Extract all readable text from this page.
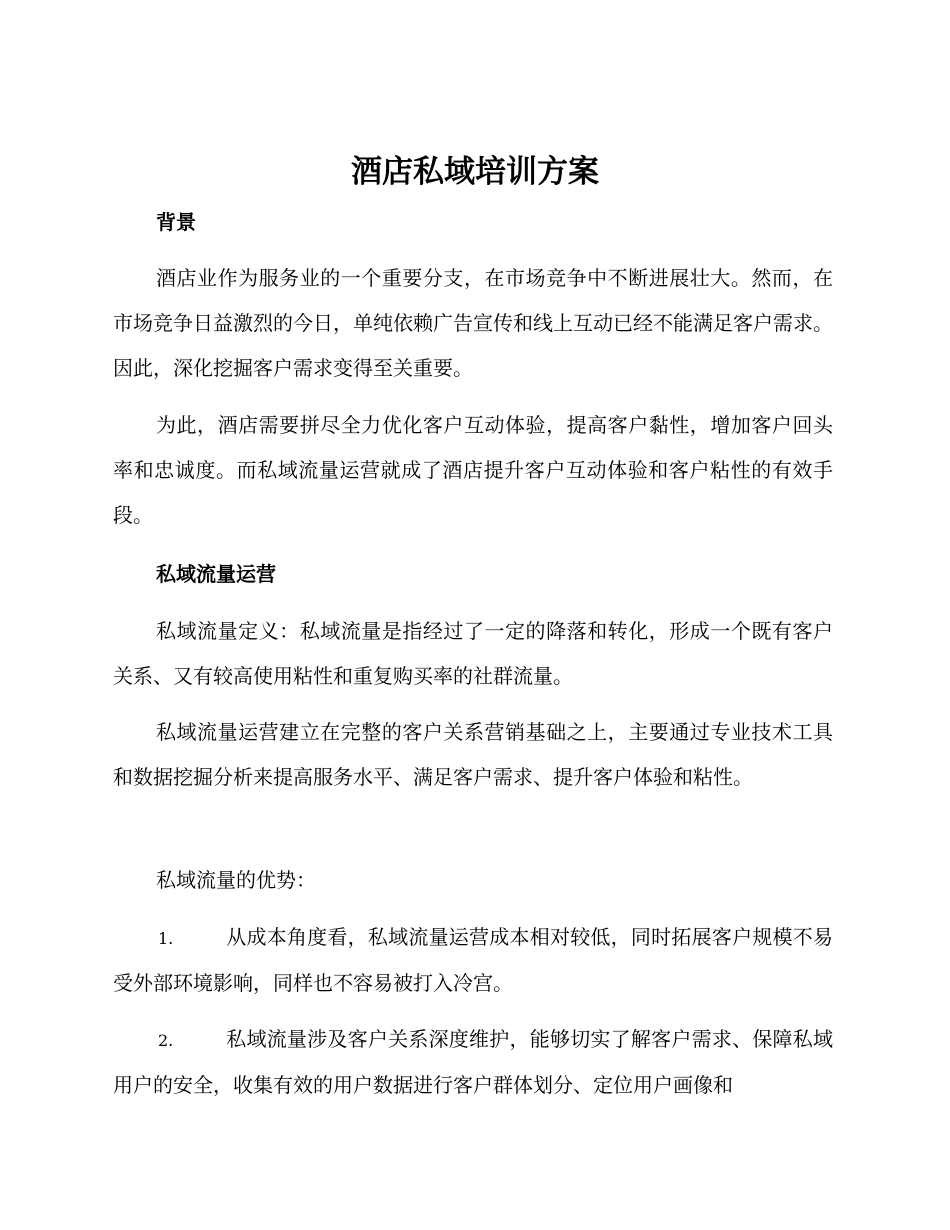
酒店私域培训方案
背景
酒店业作为服务业的一个重要分支，在市场竞争中不断进展壮大。然而，在市场竞争日益激烈的今日，单纯依赖广告宣传和线上互动已经不能满足客户需求。因此，深化挖掘客户需求变得至关重要。
为此，酒店需要拼尽全力优化客户互动体验，提高客户黏性，增加客户回头率和忠诚度。而私域流量运营就成了酒店提升客户互动体验和客户粘性的有效手段。
私域流量运营
私域流量定义：私域流量是指经过了一定的降落和转化，形成一个既有客户关系、又有较高使用粘性和重复购买率的社群流量。
私域流量运营建立在完整的客户关系营销基础之上，主要通过专业技术工具和数据挖掘分析来提高服务水平、满足客户需求、提升客户体验和粘性。
私域流量的优势：
1.	从成本角度看，私域流量运营成本相对较低，同时拓展客户规模不易受外部环境影响，同样也不容易被打入冷宫。
2.	私域流量涉及客户关系深度维护，能够切实了解客户需求、保障私域用户的安全，收集有效的用户数据进行客户群体划分、定位用户画像和
